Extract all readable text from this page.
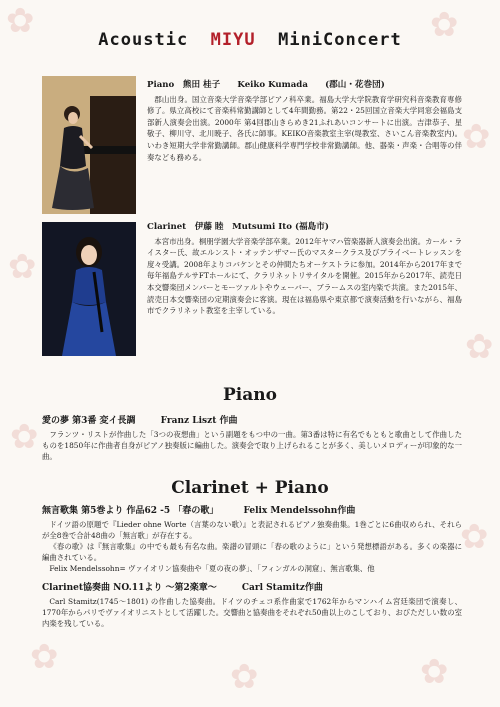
✿	✿
✿
✿
✿
✿
✿
✿	✿	✿
Acoustic MIYU MiniConcert
Piano　熊田 桂子　　Keiko Kumada　　(郡山・花巻団)

郡山出身。国立音楽大学音楽学部ピアノ科卒業。福島大学大学院教育学研究科音楽教育専修修了。県立高校にて音楽科常勤講師として4年間勤務。第22・25回国立音楽大学同窓会福島支部新人演奏会出演。2000年 第4回郡山きらめき21ふれあいコンサートに出演。吉津恭子、星敬子、柳川守、北川暁子、各氏に師事。KEIKO音楽教室主宰(堤教室、さいこん音楽教室内)。いわき短期大学非常勤講師。郡山健康科学専門学校非常勤講師。他、器楽・声楽・合唱等の伴奏なども務める。

Clarinet　伊藤 睦　Mutsumi Ito (福島市)

本宮市出身。桐朋学園大学音楽学部卒業。2012年ヤマハ管楽器新人演奏会出演。カール・ライスター氏、故エルンスト・オッテンザマー氏のマスタークラス及びプライベートレッスンを度々受講。2008年よりコバケンとその仲間たちオーケストラに参加。2014年から2017年まで毎年福島テルサFTホールにて、クラリネットリサイタルを開催。2015年から2017年、読売日本交響楽団メンバーとモーツァルトやウェーバー、ブラームスの室内楽で共演。また2015年、読売日本交響楽団の定期演奏会に客演。現在は福島県や東京都で演奏活動を行いながら、福島市でクラリネット教室を主宰している。

Piano
愛の夢 第3番 変イ長調	Franz Liszt 作曲

フランツ・リストが作曲した「3つの夜想曲」という副題をもつ中の一曲。第3番は特に有名でもともと歌曲として作曲したものを1850年に作曲者自身がピアノ独奏版に編曲した。演奏会で取り上げられることが多く、美しいメロディーが印象的な一曲。

Clarinet + Piano
無言歌集 第5巻より 作品62 -5 「春の歌」	Felix Mendelssohn作曲

ドイツ語の原題で『Lieder ohne Worte（言葉のない歌）』と表記されるピアノ独奏曲集。1巻ごとに6曲収められ、それらが全8巻で合計48曲の「無言歌」が存在する。

《春の歌》は『無言歌集』の中でも最も有名な曲。楽譜の冒頭に「春の歌のように」という発想標語がある。多くの楽器に編曲されている。

Felix Mendelssohn= ヴァイオリン協奏曲や「夏の夜の夢」、「フィンガルの洞窟」、無言歌集、他

Clarinet協奏曲 NO.11より ～第2楽章～	Carl Stamitz作曲

Carl Stamitz(1745～1801) の作曲した協奏曲。ドイツのチェコ系作曲家で1762年からマンハイム宮廷楽団で演奏し、1770年からパリでヴァイオリニストとして活躍した。交響曲と協奏曲をそれぞれ50曲以上のこしており、おびただしい数の室内楽を残している。
